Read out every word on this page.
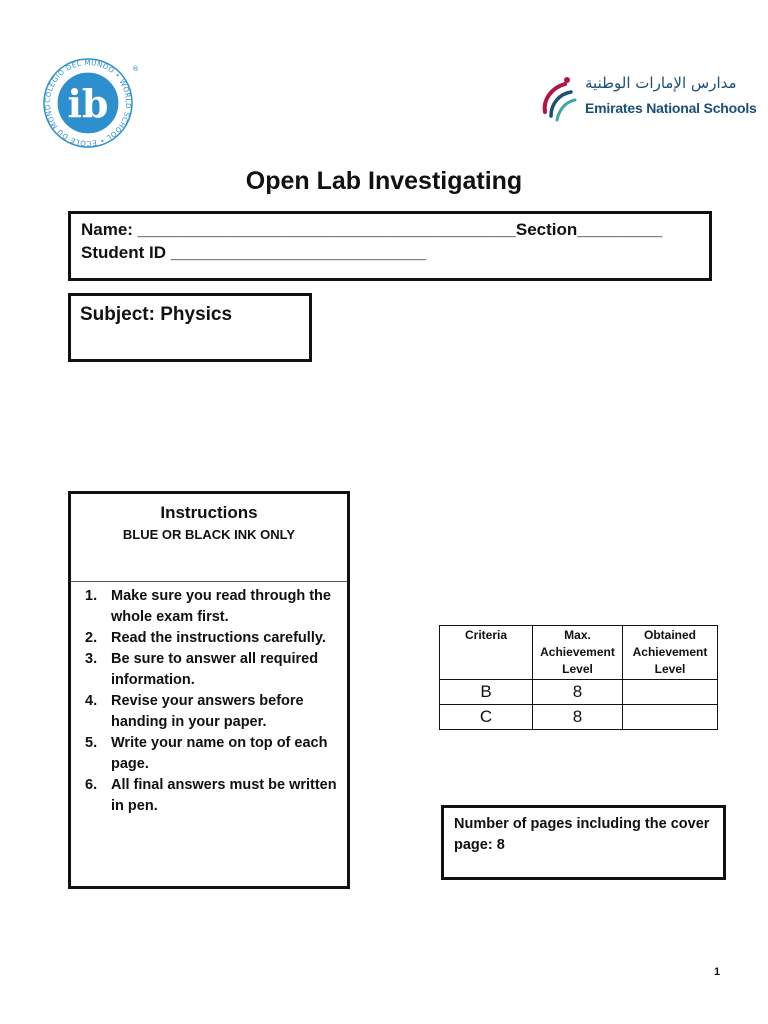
ib
COLEGIO DEL MUNDO • WORLD SCHOOL • ÉCOLE DU MOND
®
مدارس الإمارات الوطنية
Emirates National Schools
Open Lab Investigating
Name: ________________________________________Section_________
Student ID ___________________________
Subject: Physics
Instructions
BLUE OR BLACK INK ONLY
1. Make sure you read through the whole exam first.
2. Read the instructions carefully.
3. Be sure to answer all required information.
4. Revise your answers before handing in your paper.
5. Write your name on top of each page.
6. All final answers must be written in pen.
Criteria	Max. Achievement Level	Obtained Achievement Level
B	8	
C	8	
Number of pages including the cover page: 8
1
